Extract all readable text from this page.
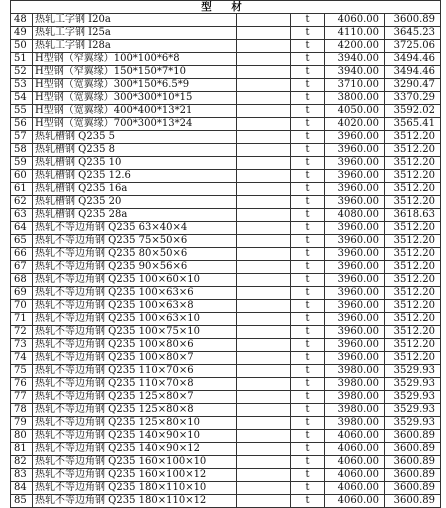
型 材					
48	热轧工字钢 I20a		t	4060.00	3600.89
49	热轧工字钢 I25a		t	4110.00	3645.23
50	热轧工字钢 I28a		t	4200.00	3725.06
51	H型钢（窄翼缘）100*100*6*8		t	3940.00	3494.46
52	H型钢（窄翼缘）150*150*7*10		t	3940.00	3494.46
53	H型钢（宽翼缘）300*150*6.5*9		t	3710.00	3290.47
54	H型钢（宽翼缘）300*300*10*15		t	3800.00	3370.29
55	H型钢（宽翼缘）400*400*13*21		t	4050.00	3592.02
56	H型钢（宽翼缘）700*300*13*24		t	4020.00	3565.41
57	热轧槽钢 Q235 5		t	3960.00	3512.20
58	热轧槽钢 Q235 8		t	3960.00	3512.20
59	热轧槽钢 Q235 10		t	3960.00	3512.20
60	热轧槽钢 Q235 12.6		t	3960.00	3512.20
61	热轧槽钢 Q235 16a		t	3960.00	3512.20
62	热轧槽钢 Q235 20		t	3960.00	3512.20
63	热轧槽钢 Q235 28a		t	4080.00	3618.63
64	热轧不等边角钢 Q235 63×40×4		t	3960.00	3512.20
65	热轧不等边角钢 Q235 75×50×6		t	3960.00	3512.20
66	热轧不等边角钢 Q235 80×50×6		t	3960.00	3512.20
67	热轧不等边角钢 Q235 90×56×6		t	3960.00	3512.20
68	热轧不等边角钢 Q235 100×60×10		t	3960.00	3512.20
69	热轧不等边角钢 Q235 100×63×6		t	3960.00	3512.20
70	热轧不等边角钢 Q235 100×63×8		t	3960.00	3512.20
71	热轧不等边角钢 Q235 100×63×10		t	3960.00	3512.20
72	热轧不等边角钢 Q235 100×75×10		t	3960.00	3512.20
73	热轧不等边角钢 Q235 100×80×6		t	3960.00	3512.20
74	热轧不等边角钢 Q235 100×80×7		t	3960.00	3512.20
75	热轧不等边角钢 Q235 110×70×6		t	3980.00	3529.93
76	热轧不等边角钢 Q235 110×70×8		t	3980.00	3529.93
77	热轧不等边角钢 Q235 125×80×7		t	3980.00	3529.93
78	热轧不等边角钢 Q235 125×80×8		t	3980.00	3529.93
79	热轧不等边角钢 Q235 125×80×10		t	3980.00	3529.93
80	热轧不等边角钢 Q235 140×90×10		t	4060.00	3600.89
81	热轧不等边角钢 Q235 140×90×12		t	4060.00	3600.89
82	热轧不等边角钢 Q235 160×100×10		t	4060.00	3600.89
83	热轧不等边角钢 Q235 160×100×12		t	4060.00	3600.89
84	热轧不等边角钢 Q235 180×110×10		t	4060.00	3600.89
85	热轧不等边角钢 Q235 180×110×12		t	4060.00	3600.89
